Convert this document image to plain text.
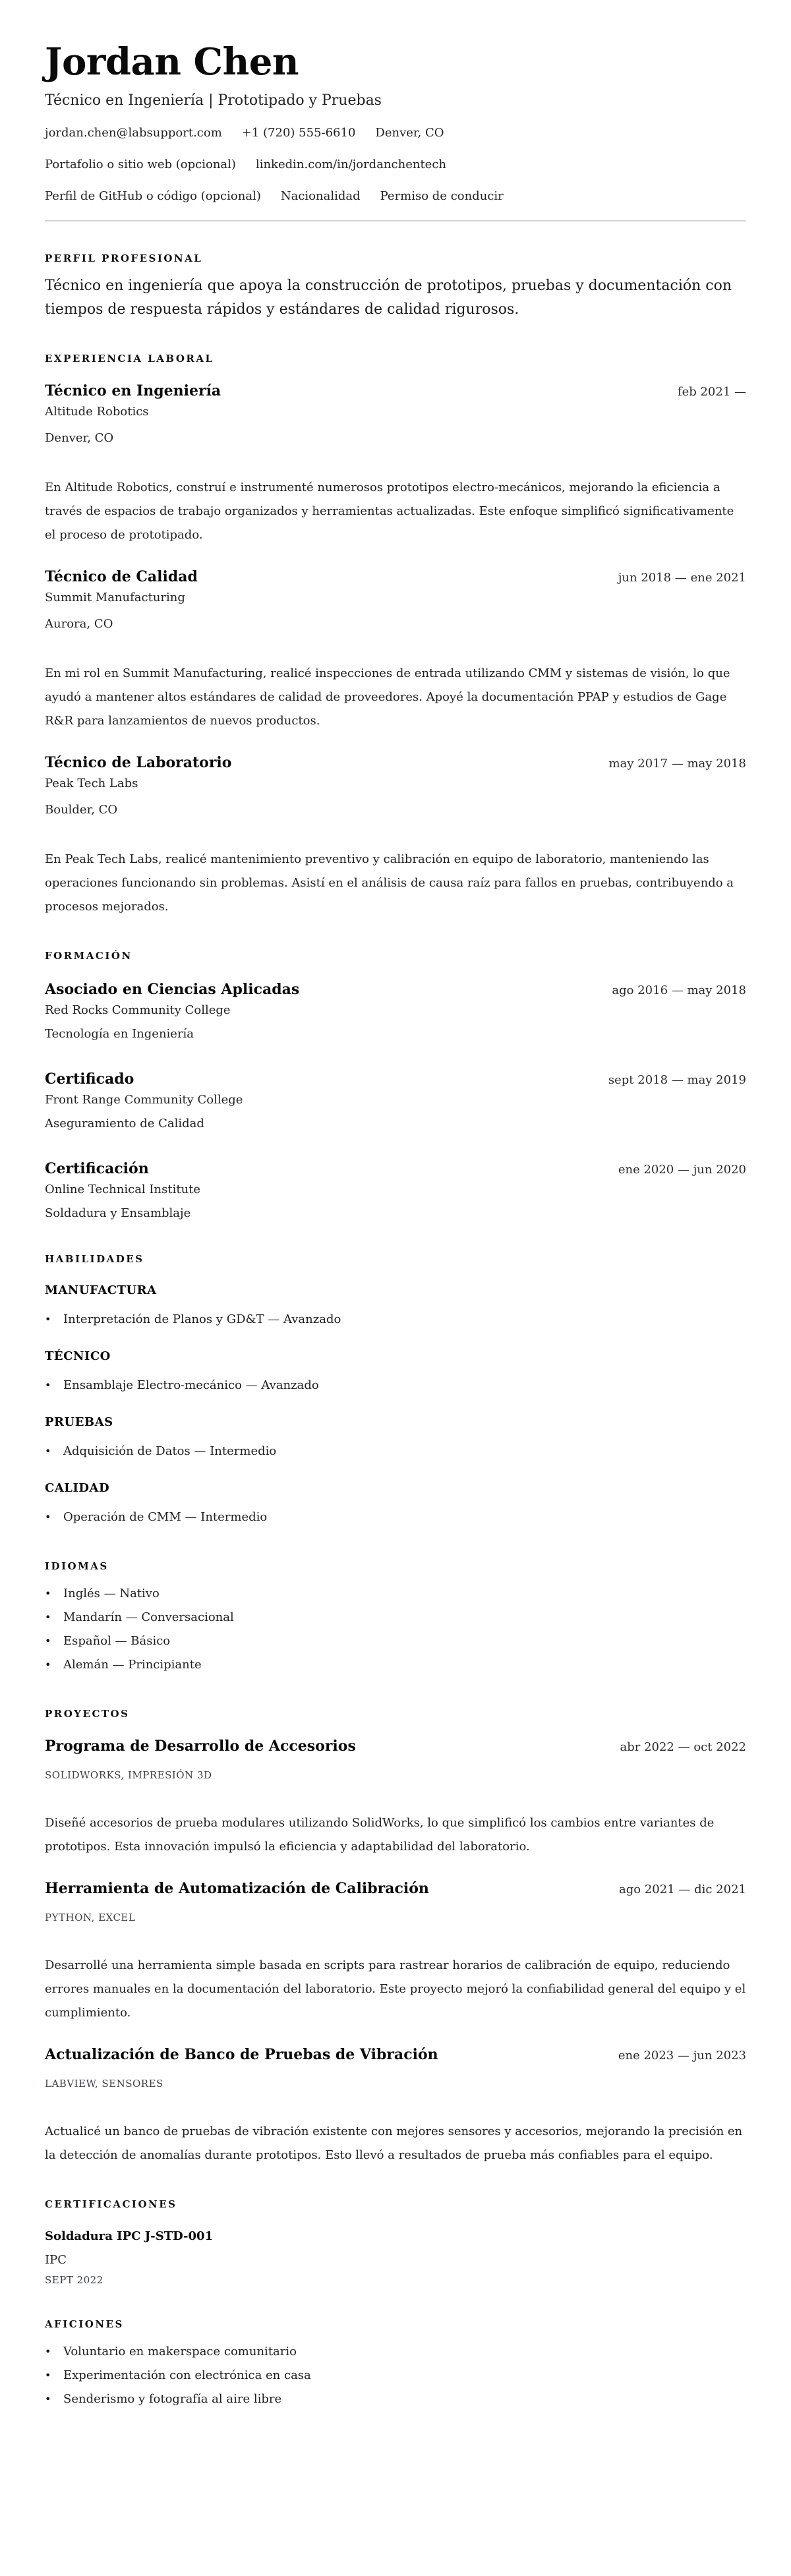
Jordan Chen
Técnico en Ingeniería | Prototipado y Pruebas
jordan.chen@labsupport.com +1 (720) 555-6610 Denver, CO
Portafolio o sitio web (opcional) linkedin.com/in/jordanchentech
Perfil de GitHub o código (opcional) Nacionalidad Permiso de conducir
PERFIL PROFESIONAL

Técnico en ingeniería que apoya la construcción de prototipos, pruebas y documentación con tiempos de respuesta rápidos y estándares de calidad rigurosos.

EXPERIENCIA LABORAL
Técnico en Ingeniería	feb 2021 —
Altitude Robotics
Denver, CO

En Altitude Robotics, construí e instrumenté numerosos prototipos electro-mecánicos, mejorando la eficiencia a través de espacios de trabajo organizados y herramientas actualizadas. Este enfoque simplificó significativamente el proceso de prototipado.

Técnico de Calidad	jun 2018 — ene 2021
Summit Manufacturing
Aurora, CO

En mi rol en Summit Manufacturing, realicé inspecciones de entrada utilizando CMM y sistemas de visión, lo que ayudó a mantener altos estándares de calidad de proveedores. Apoyé la documentación PPAP y estudios de Gage R&R para lanzamientos de nuevos productos.

Técnico de Laboratorio	may 2017 — may 2018
Peak Tech Labs
Boulder, CO

En Peak Tech Labs, realicé mantenimiento preventivo y calibración en equipo de laboratorio, manteniendo las operaciones funcionando sin problemas. Asistí en el análisis de causa raíz para fallos en pruebas, contribuyendo a procesos mejorados.

FORMACIÓN
Asociado en Ciencias Aplicadas	ago 2016 — may 2018
Red Rocks Community College
Tecnología en Ingeniería
Certificado	sept 2018 — may 2019
Front Range Community College
Aseguramiento de Calidad
Certificación	ene 2020 — jun 2020
Online Technical Institute
Soldadura y Ensamblaje
HABILIDADES
MANUFACTURA
• Interpretación de Planos y GD&T — Avanzado
TÉCNICO
• Ensamblaje Electro-mecánico — Avanzado
PRUEBAS
• Adquisición de Datos — Intermedio
CALIDAD
• Operación de CMM — Intermedio
IDIOMAS
• Inglés — Nativo
• Mandarín — Conversacional
• Español — Básico
• Alemán — Principiante
PROYECTOS
Programa de Desarrollo de Accesorios	abr 2022 — oct 2022
SOLIDWORKS, IMPRESIÓN 3D

Diseñé accesorios de prueba modulares utilizando SolidWorks, lo que simplificó los cambios entre variantes de prototipos. Esta innovación impulsó la eficiencia y adaptabilidad del laboratorio.

Herramienta de Automatización de Calibración	ago 2021 — dic 2021
PYTHON, EXCEL

Desarrollé una herramienta simple basada en scripts para rastrear horarios de calibración de equipo, reduciendo errores manuales en la documentación del laboratorio. Este proyecto mejoró la confiabilidad general del equipo y el cumplimiento.

Actualización de Banco de Pruebas de Vibración	ene 2023 — jun 2023
LABVIEW, SENSORES

Actualicé un banco de pruebas de vibración existente con mejores sensores y accesorios, mejorando la precisión en la detección de anomalías durante prototipos. Esto llevó a resultados de prueba más confiables para el equipo.

CERTIFICACIONES
Soldadura IPC J-STD-001
IPC
SEPT 2022
AFICIONES
• Voluntario en makerspace comunitario
• Experimentación con electrónica en casa
• Senderismo y fotografía al aire libre
